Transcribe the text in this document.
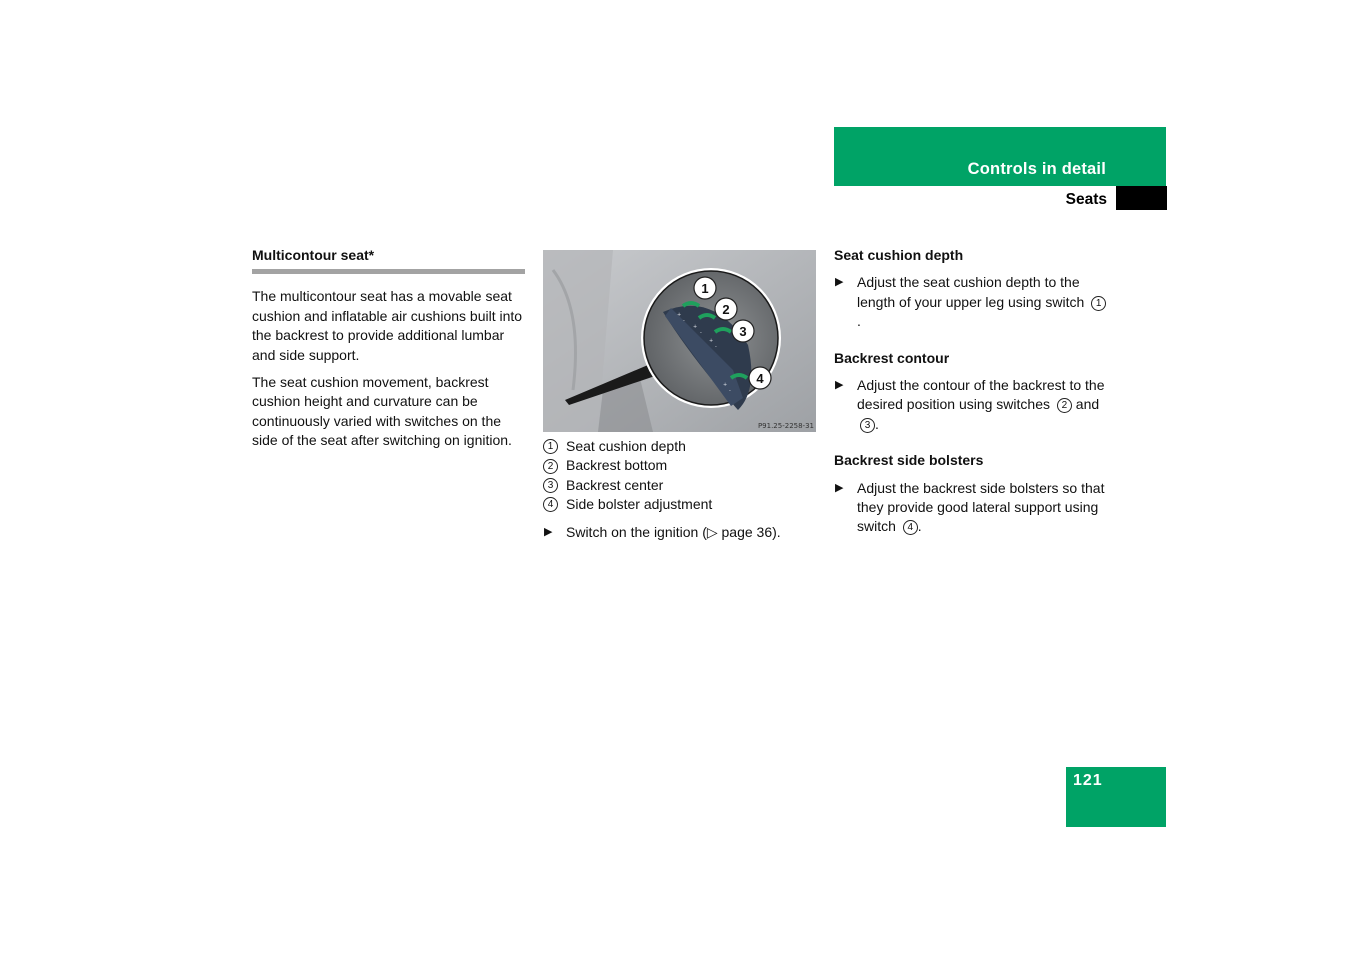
Controls in detail
Seats
Multicontour seat*

The multicontour seat has a movable seat cushion and inflatable air cushions built into the backrest to provide additional lumbar and side support.

The seat cushion movement, backrest cushion height and curvature can be continuously varied with switches on the side of the seat after switching on ignition.

+
-
+
-
+
-
+
-
1
2
3
4
P91.25-2258-31
1 Seat cushion depth
2 Backrest bottom
3 Backrest center
4 Side bolster adjustment
▶ Switch on the ignition (▷ page 36).
Seat cushion depth
▶ Adjust the seat cushion depth to the length of your upper leg using switch 1.
Backrest contour
▶ Adjust the contour of the backrest to the desired position using switches 2 and 3 .
Backrest side bolsters
▶ Adjust the backrest side bolsters so that they provide good lateral support using switch 4 .
121
